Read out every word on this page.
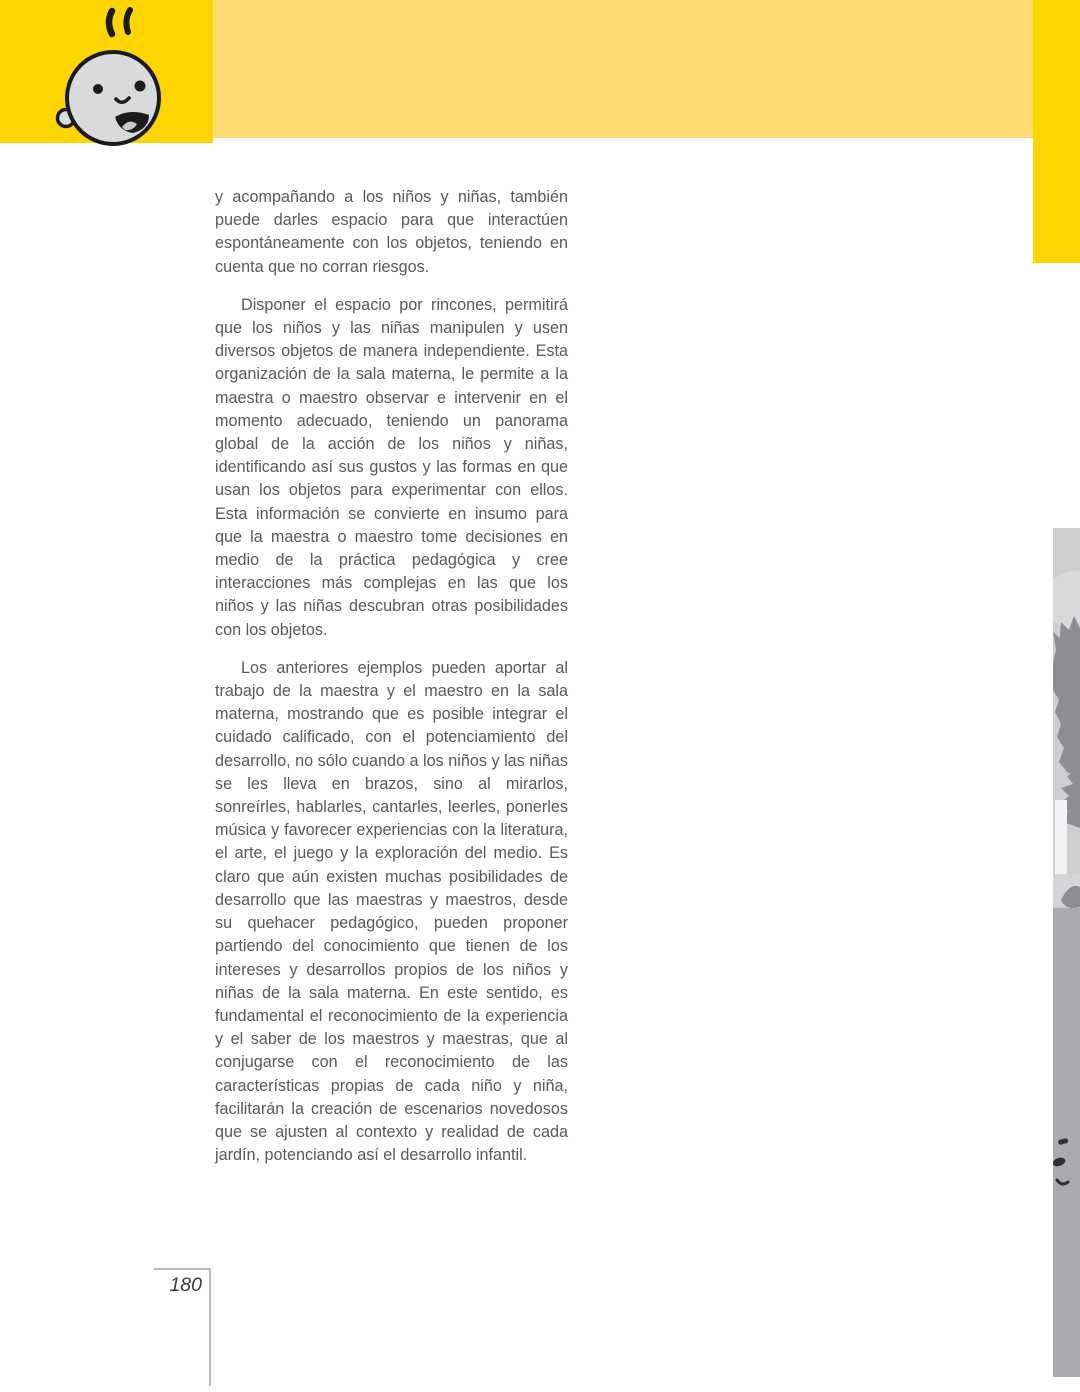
y acompañando a los niños y niñas, también puede darles espacio para que interactúen espontáneamente con los objetos, teniendo en cuenta que no corran riesgos.

Disponer el espacio por rincones, permitirá que los niños y las niñas manipulen y usen diversos objetos de manera independiente. Esta organización de la sala materna, le permite a la maestra o maestro observar e intervenir en el momento adecuado, teniendo un panorama global de la acción de los niños y niñas, identificando así sus gustos y las formas en que usan los objetos para experimentar con ellos. Esta información se convierte en insumo para que la maestra o maestro tome decisiones en medio de la práctica pedagógica y cree interacciones más complejas en las que los niños y las niñas descubran otras posibilidades con los objetos.

Los anteriores ejemplos pueden aportar al trabajo de la maestra y el maestro en la sala materna, mostrando que es posible integrar el cuidado calificado, con el potenciamiento del desarrollo, no sólo cuando a los niños y las niñas se les lleva en brazos, sino al mirarlos, sonreírles, hablarles, cantarles, leerles, ponerles música y favorecer experiencias con la literatura, el arte, el juego y la exploración del medio. Es claro que aún existen muchas posibilidades de desarrollo que las maestras y maestros, desde su quehacer pedagógico, pueden proponer partiendo del conocimiento que tienen de los intereses y desarrollos propios de los niños y niñas de la sala materna. En este sentido, es fundamental el reconocimiento de la experiencia y el saber de los maestros y maestras, que al conjugarse con el reconocimiento de las características propias de cada niño y niña, facilitarán la creación de escenarios novedosos que se ajusten al contexto y realidad de cada jardín, potenciando así el desarrollo infantil.

180
